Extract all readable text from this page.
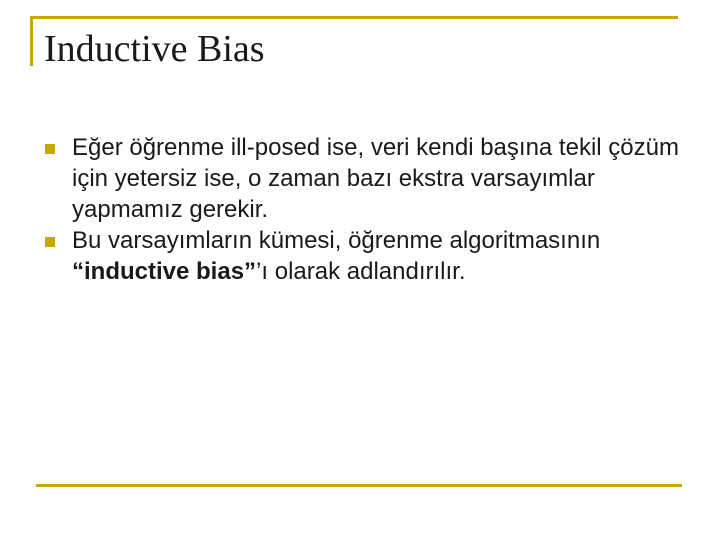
Inductive Bias
Eğer öğrenme ill-posed ise, veri kendi başına tekil çözüm için yetersiz ise, o zaman bazı ekstra varsayımlar yapmamız gerekir.
Bu varsayımların kümesi, öğrenme algoritmasının “inductive bias”’ı olarak adlandırılır.
